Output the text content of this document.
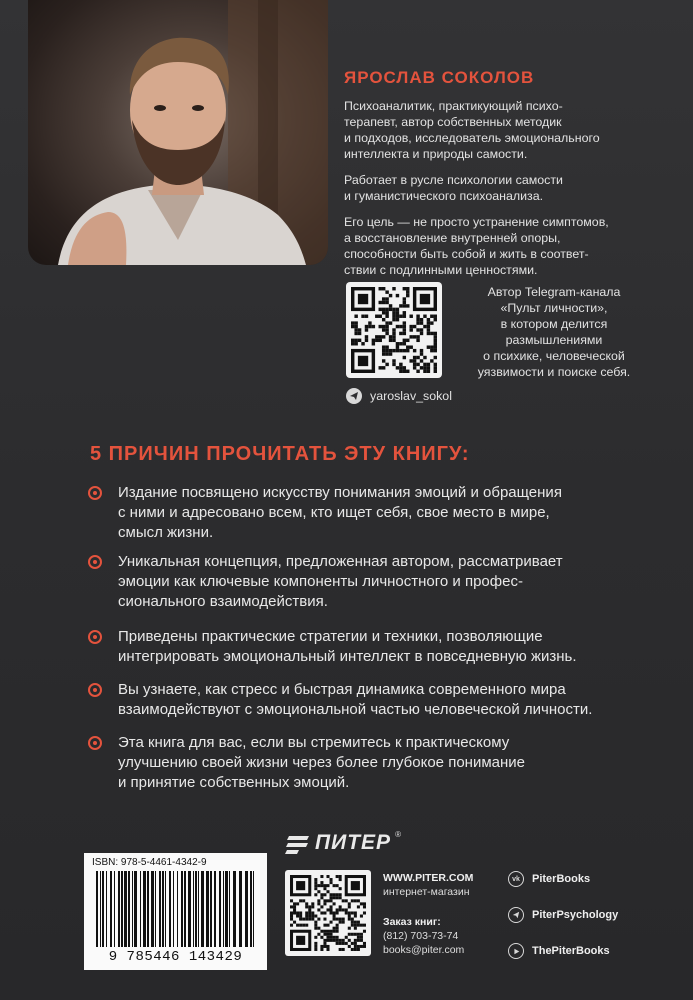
ЯРОСЛАВ СОКОЛОВ

Психоаналитик, практикующий психо-
терапевт, автор собственных методик
и подходов, исследователь эмоционального
интеллекта и природы самости.

Работает в русле психологии самости
и гуманистического психоанализа.

Его цель — не просто устранение симптомов,
а восстановление внутренней опоры,
способности быть собой и жить в соответ-
ствии с подлинными ценностями.

Автор Telegram-канала
«Пульт личности»,
в котором делится
размышлениями
о психике, человеческой
уязвимости и поиске себя.
yaroslav_sokol
5 ПРИЧИН ПРОЧИТАТЬ ЭТУ КНИГУ:
Издание посвящено искусству понимания эмоций и обращения
с ними и адресовано всем, кто ищет себя, свое место в мире,
смысл жизни.
Уникальная концепция, предложенная автором, рассматривает
эмоции как ключевые компоненты личностного и профес-
сионального взаимодействия.
Приведены практические стратегии и техники, позволяющие
интегрировать эмоциональный интеллект в повседневную жизнь.
Вы узнаете, как стресс и быстрая динамика современного мира
взаимодействуют с эмоциональной частью человеческой личности.
Эта книга для вас, если вы стремитесь к практическому
улучшению своей жизни через более глубокое понимание
и принятие собственных эмоций.
ISBN: 978-5-4461-4342-9
9 785446 143429
ПИТЕР ®
WWW.PITER.COM
интернет-магазин
Заказ книг:
(812) 703-73-74
books@piter.com
vk	PiterBooks
PiterPsychology
ThePiterBooks
